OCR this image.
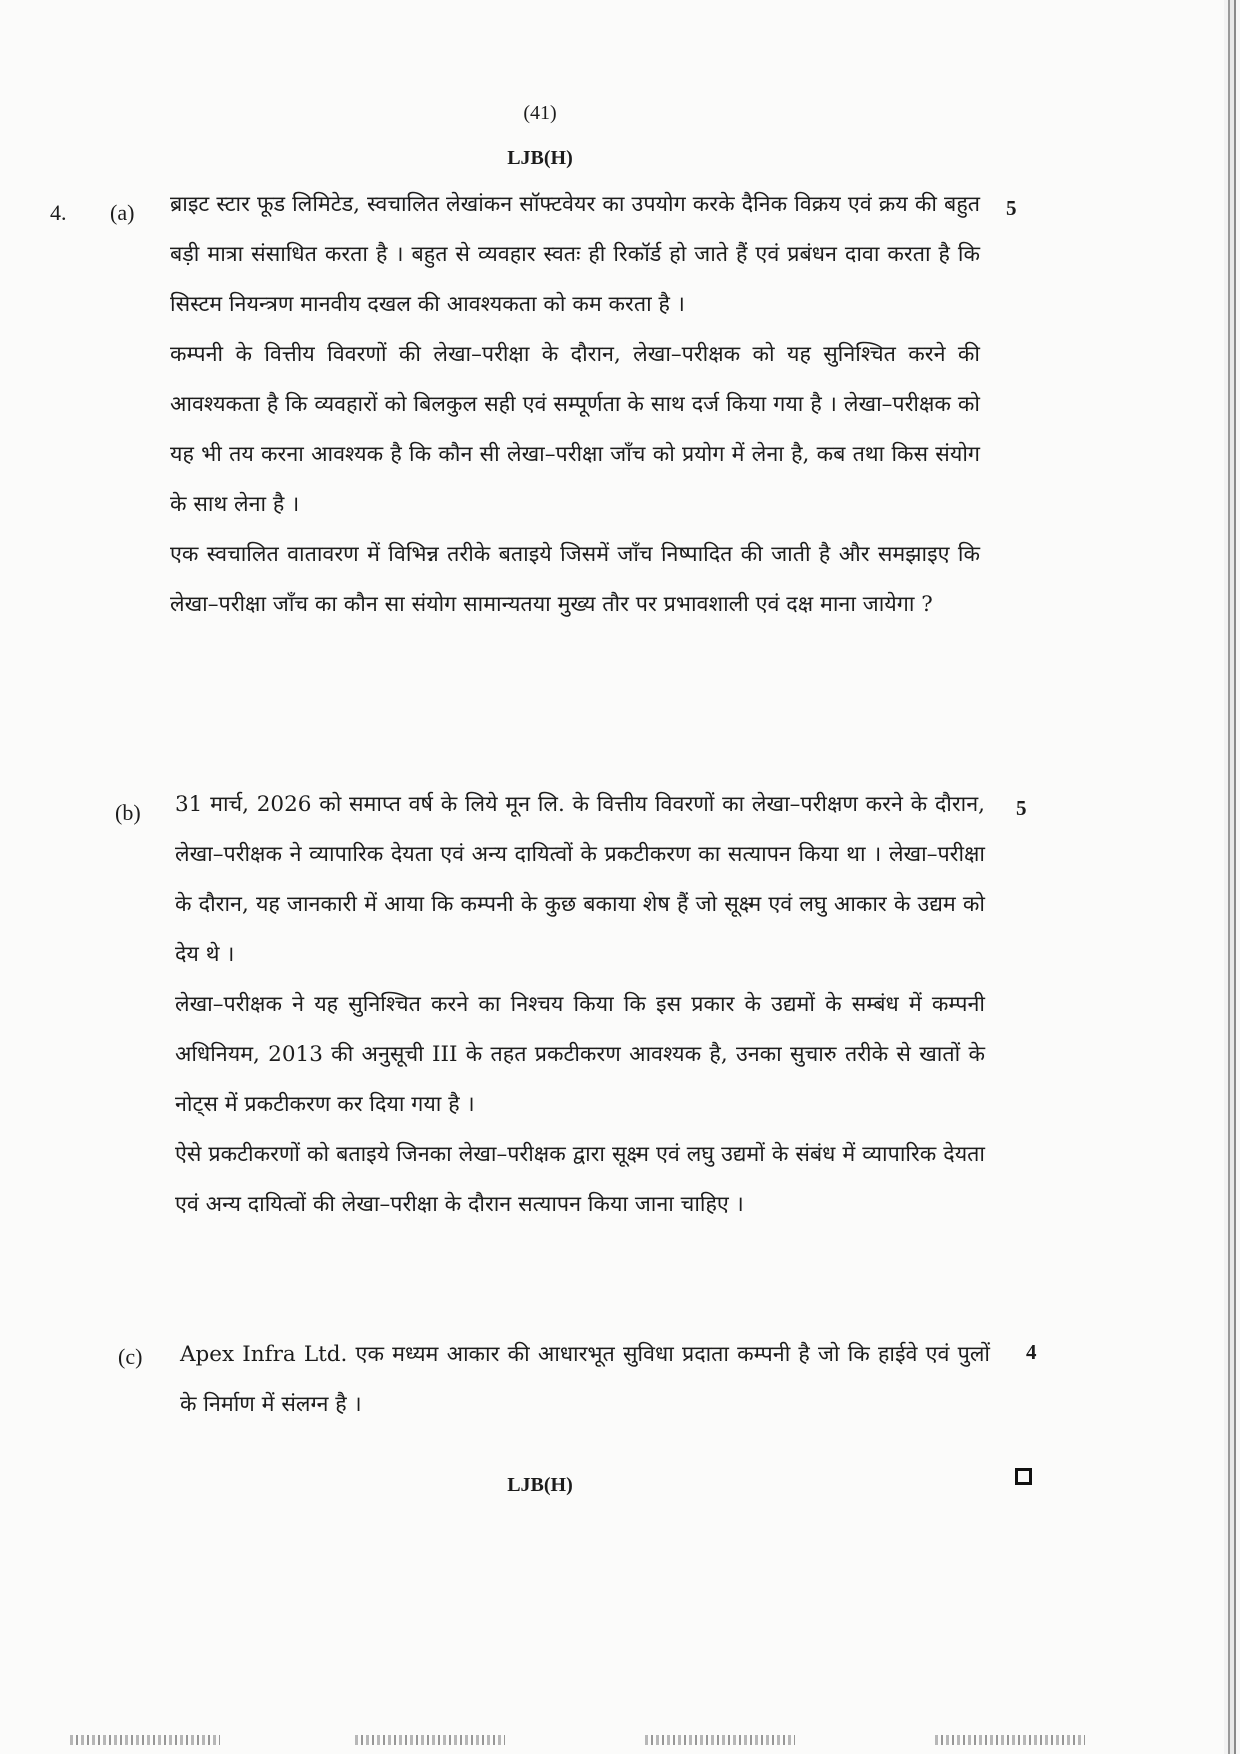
(41)
LJB(H)
4. (a)	5

ब्राइट स्टार फूड लिमिटेड, स्वचालित लेखांकन सॉफ्टवेयर का उपयोग करके दैनिक विक्रय एवं क्रय की बहुत बड़ी मात्रा संसाधित करता है । बहुत से व्यवहार स्वतः ही रिकॉर्ड हो जाते हैं एवं प्रबंधन दावा करता है कि सिस्टम नियन्त्रण मानवीय दखल की आवश्यकता को कम करता है ।

कम्पनी के वित्तीय विवरणों की लेखा–परीक्षा के दौरान, लेखा–परीक्षक को यह सुनिश्चित करने की आवश्यकता है कि व्यवहारों को बिलकुल सही एवं सम्पूर्णता के साथ दर्ज किया गया है । लेखा–परीक्षक को यह भी तय करना आवश्यक है कि कौन सी लेखा–परीक्षा जाँच को प्रयोग में लेना है, कब तथा किस संयोग के साथ लेना है ।

एक स्वचालित वातावरण में विभिन्न तरीके बताइये जिसमें जाँच निष्पादित की जाती है और समझाइए कि लेखा–परीक्षा जाँच का कौन सा संयोग सामान्यतया मुख्य तौर पर प्रभावशाली एवं दक्ष माना जायेगा ?

(b)	5

31 मार्च, 2026 को समाप्त वर्ष के लिये मून लि. के वित्तीय विवरणों का लेखा–परीक्षण करने के दौरान, लेखा–परीक्षक ने व्यापारिक देयता एवं अन्य दायित्वों के प्रकटीकरण का सत्यापन किया था । लेखा–परीक्षा के दौरान, यह जानकारी में आया कि कम्पनी के कुछ बकाया शेष हैं जो सूक्ष्म एवं लघु आकार के उद्यम को देय थे ।

लेखा–परीक्षक ने यह सुनिश्चित करने का निश्चय किया कि इस प्रकार के उद्यमों के सम्बंध में कम्पनी अधिनियम, 2013 की अनुसूची III के तहत प्रकटीकरण आवश्यक है, उनका सुचारु तरीके से खातों के नोट्स में प्रकटीकरण कर दिया गया है ।

ऐसे प्रकटीकरणों को बताइये जिनका लेखा–परीक्षक द्वारा सूक्ष्म एवं लघु उद्यमों के संबंध में व्यापारिक देयता एवं अन्य दायित्वों की लेखा–परीक्षा के दौरान सत्यापन किया जाना चाहिए ।

(c)	4

Apex Infra Ltd. एक मध्यम आकार की आधारभूत सुविधा प्रदाता कम्पनी है जो कि हाईवे एवं पुलों के निर्माण में संलग्न है ।

LJB(H)
